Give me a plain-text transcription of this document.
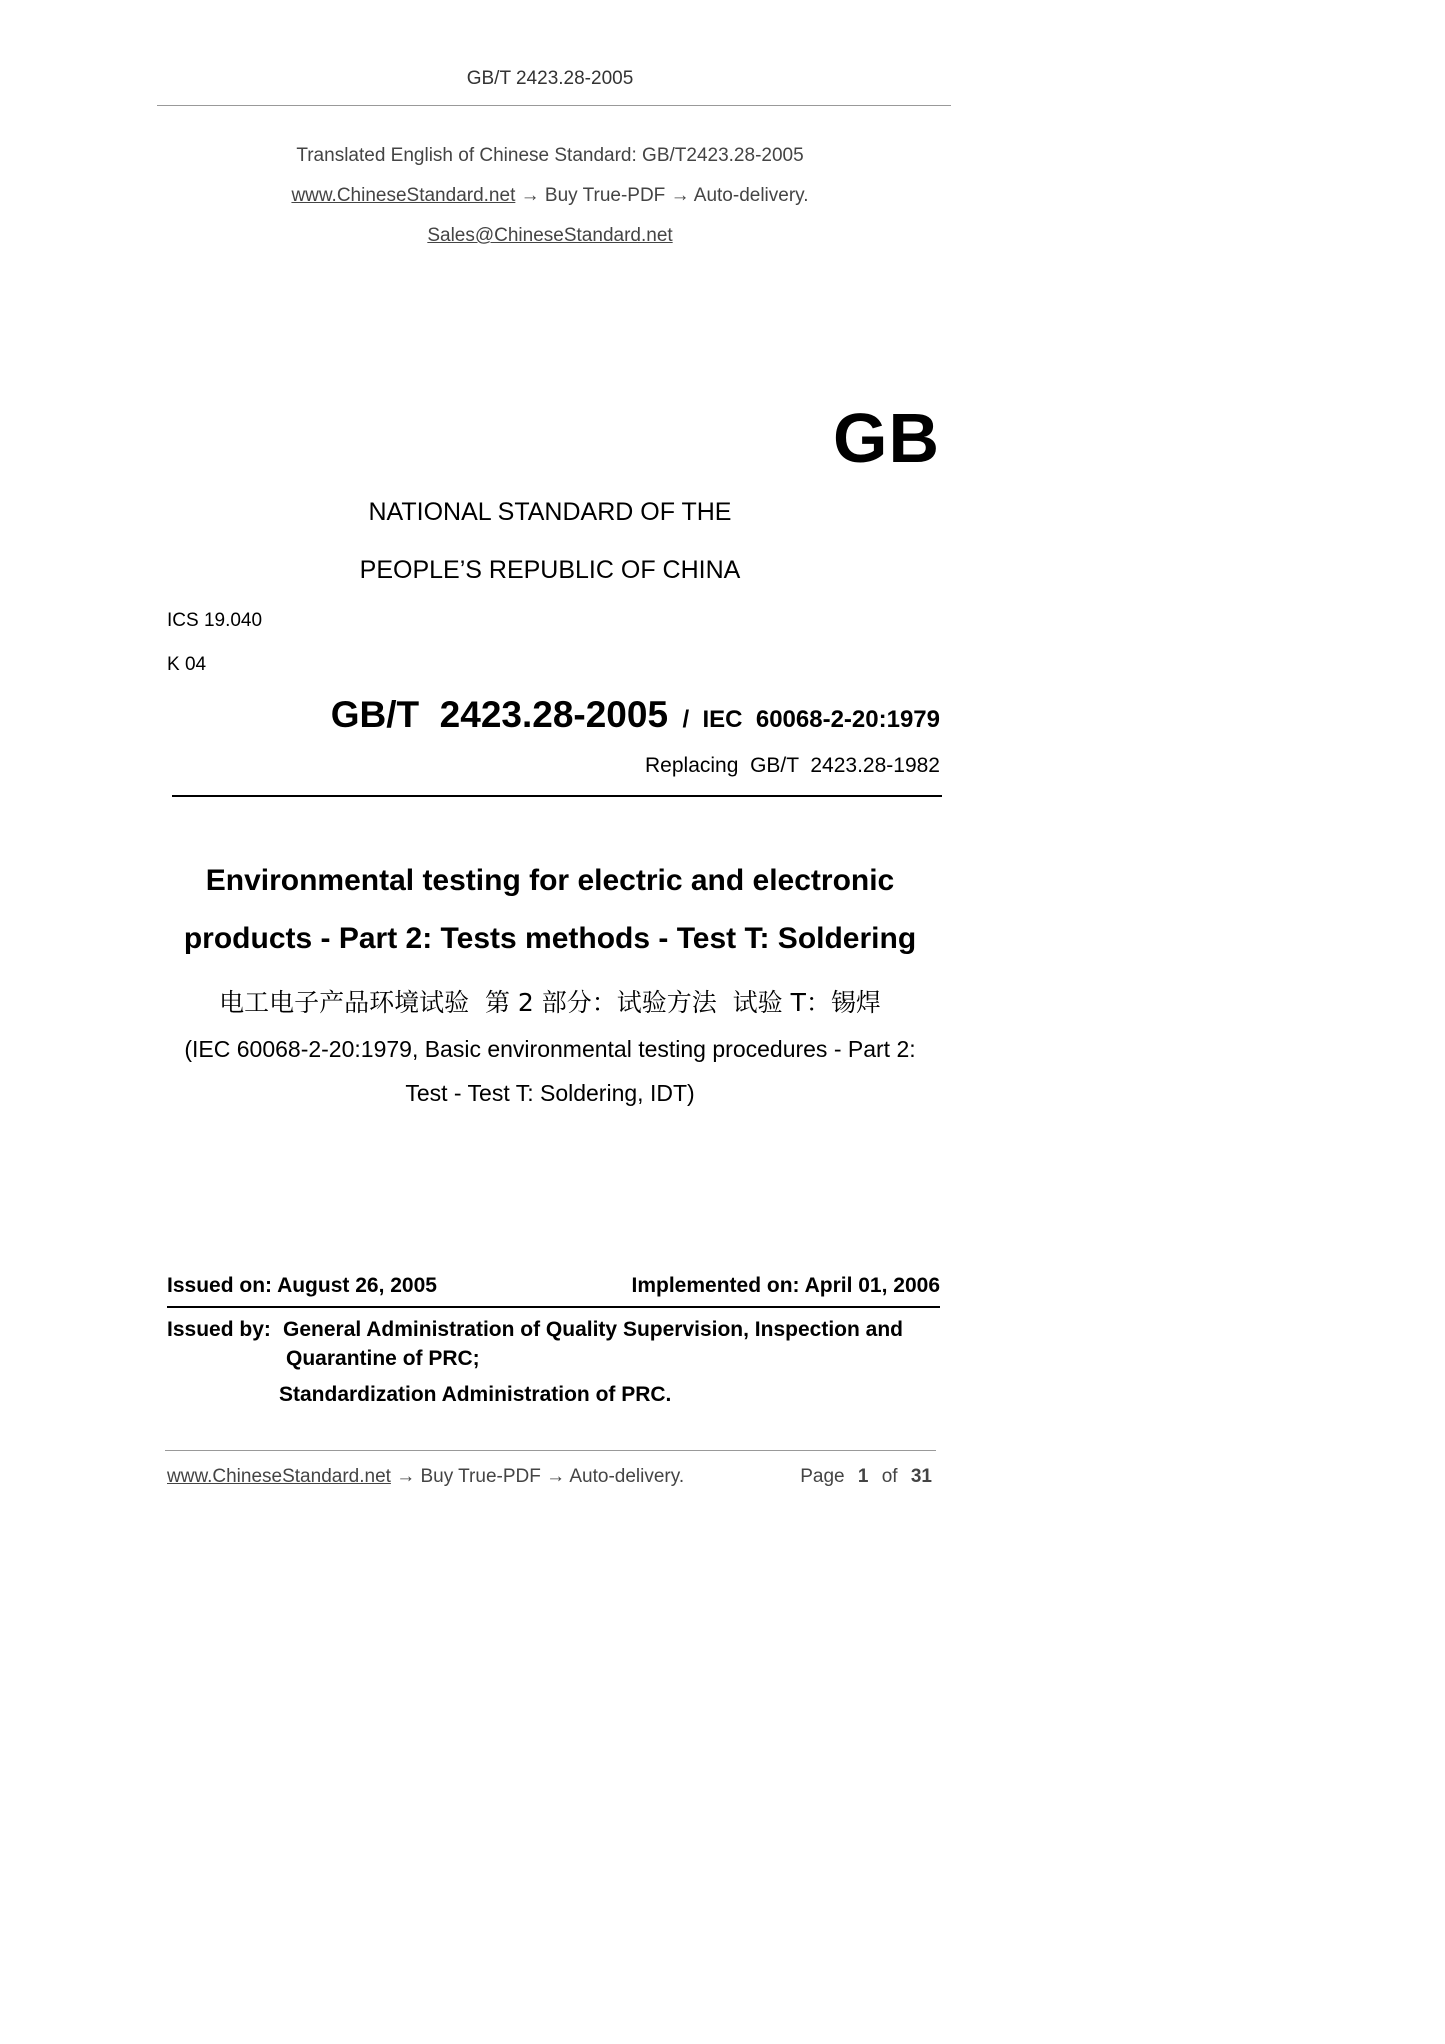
GB/T 2423.28-2005
Translated English of Chinese Standard: GB/T2423.28-2005
www.ChineseStandard.net → Buy True-PDF → Auto-delivery.
Sales@ChineseStandard.net
GB
NATIONAL STANDARD OF THE
PEOPLE’S REPUBLIC OF CHINA
ICS 19.040
K 04
GB/T  2423.28-2005 /  IEC  60068-2-20:1979
Replacing  GB/T  2423.28-1982
Environmental testing for electric and electronic
products - Part 2: Tests methods - Test T: Soldering
电工电子产品环境试验  第 2 部分：试验方法  试验 T：锡焊
(IEC 60068-2-20:1979, Basic environmental testing procedures - Part 2:
Test - Test T: Soldering, IDT)
Issued on: August 26, 2005	Implemented on: April 01, 2006
Issued by: General Administration of Quality Supervision, Inspection and
Quarantine of PRC;
Standardization Administration of PRC.
www.ChineseStandard.net → Buy True-PDF → Auto-delivery.	Page 1 of 31
